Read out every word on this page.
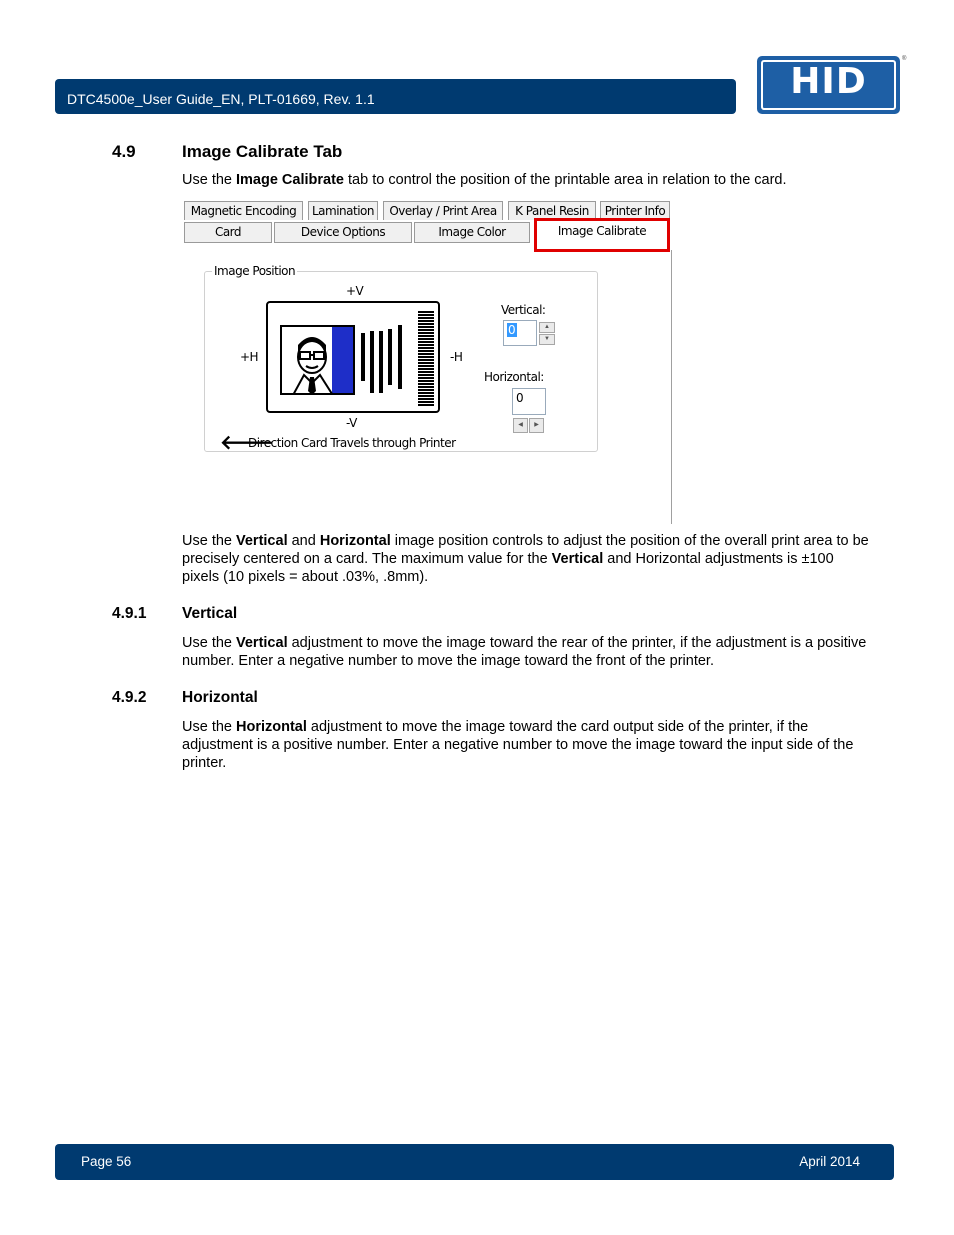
DTC4500e_User Guide_EN, PLT-01669, Rev. 1.1	HID
®
4.9	Image Calibrate Tab
Use the Image Calibrate tab to control the position of the printable area in relation to the card.
Magnetic Encoding	Lamination	Overlay / Print Area	K Panel Resin	Printer Info
Card	Device Options	Image Color	Image Calibrate
Image Position
+V
+H	-H
-V
🡐
Direction Card Travels through Printer
Vertical:
0	▲
▼
Horizontal:
0
◀	▶
Use the Vertical and Horizontal image position controls to adjust the position of the overall print area to be precisely centered on a card. The maximum value for the Vertical and Horizontal adjustments is ±100 pixels (10 pixels = about .03%, .8mm).
4.9.1 Vertical
Use the Vertical adjustment to move the image toward the rear of the printer, if the adjustment is a positive number. Enter a negative number to move the image toward the front of the printer.
4.9.2 Horizontal
Use the Horizontal adjustment to move the image toward the card output side of the printer, if the adjustment is a positive number. Enter a negative number to move the image toward the input side of the printer.
Page 56	April 2014
